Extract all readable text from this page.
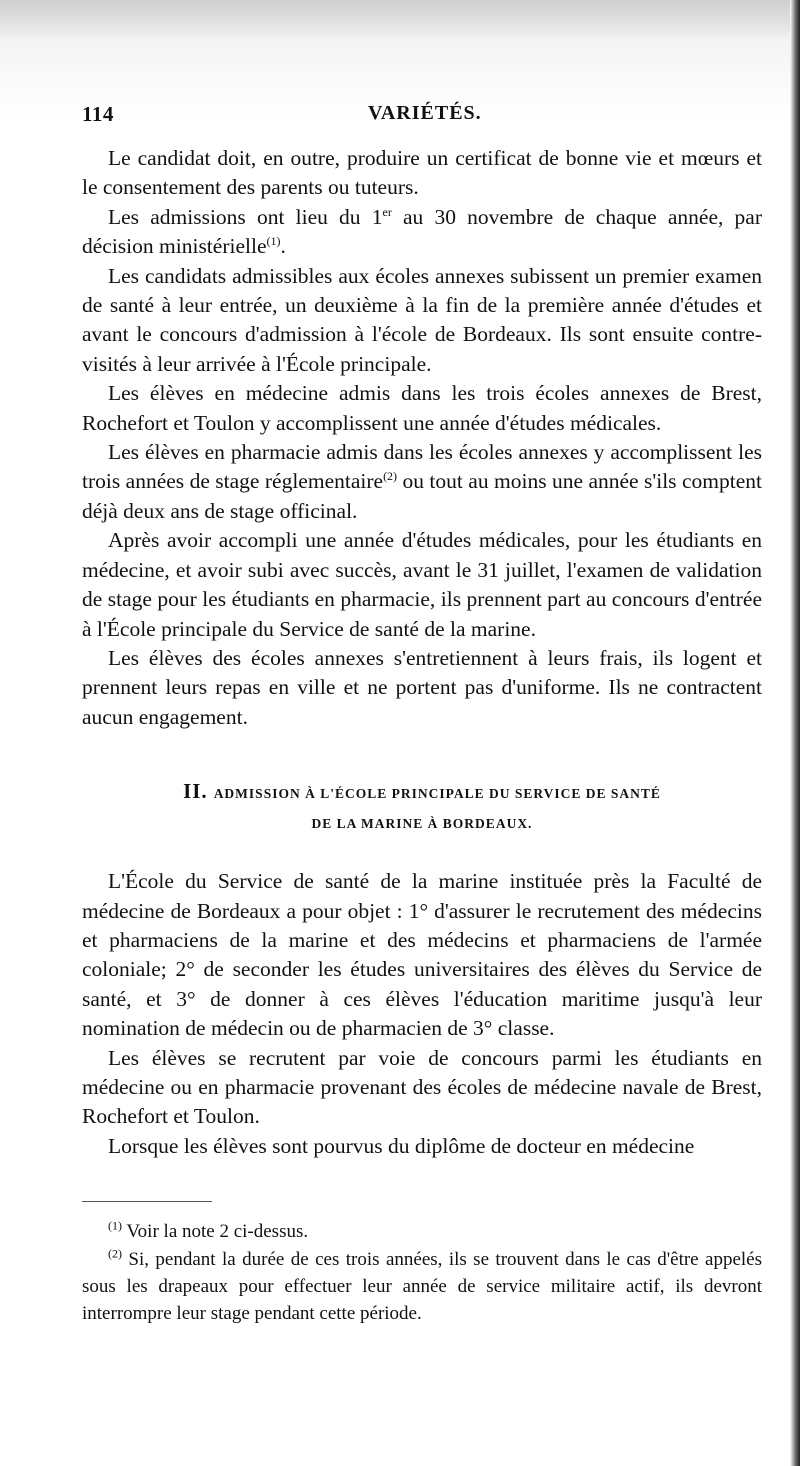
114	VARIÉTÉS.

Le candidat doit, en outre, produire un certificat de bonne vie et mœurs et le consentement des parents ou tuteurs.

Les admissions ont lieu du 1er au 30 novembre de chaque année, par décision ministérielle$^{(1)}$.

Les candidats admissibles aux écoles annexes subissent un premier examen de santé à leur entrée, un deuxième à la fin de la première année d'études et avant le concours d'admission à l'école de Bordeaux. Ils sont ensuite contre-visités à leur arrivée à l'École principale.

Les élèves en médecine admis dans les trois écoles annexes de Brest, Rochefort et Toulon y accomplissent une année d'études médicales.

Les élèves en pharmacie admis dans les écoles annexes y accomplissent les trois années de stage réglementaire$^{(2)}$ ou tout au moins une année s'ils comptent déjà deux ans de stage officinal.

Après avoir accompli une année d'études médicales, pour les étudiants en médecine, et avoir subi avec succès, avant le 31 juillet, l'examen de validation de stage pour les étudiants en pharmacie, ils prennent part au concours d'entrée à l'École principale du Service de santé de la marine.

Les élèves des écoles annexes s'entretiennent à leurs frais, ils logent et prennent leurs repas en ville et ne portent pas d'uniforme. Ils ne contractent aucun engagement.

II. ADMISSION À L'ÉCOLE PRINCIPALE DU SERVICE DE SANTÉ
DE LA MARINE À BORDEAUX.

L'École du Service de santé de la marine instituée près la Faculté de médecine de Bordeaux a pour objet : 1° d'assurer le recrutement des médecins et pharmaciens de la marine et des médecins et pharmaciens de l'armée coloniale; 2° de seconder les études universitaires des élèves du Service de santé, et 3° de donner à ces élèves l'éducation maritime jusqu'à leur nomination de médecin ou de pharmacien de 3° classe.

Les élèves se recrutent par voie de concours parmi les étudiants en médecine ou en pharmacie provenant des écoles de médecine navale de Brest, Rochefort et Toulon.

Lorsque les élèves sont pourvus du diplôme de docteur en médecine

$^{(1)}$ Voir la note 2 ci-dessus.

$^{(2)}$ Si, pendant la durée de ces trois années, ils se trouvent dans le cas d'être appelés sous les drapeaux pour effectuer leur année de service militaire actif, ils devront interrompre leur stage pendant cette période.
